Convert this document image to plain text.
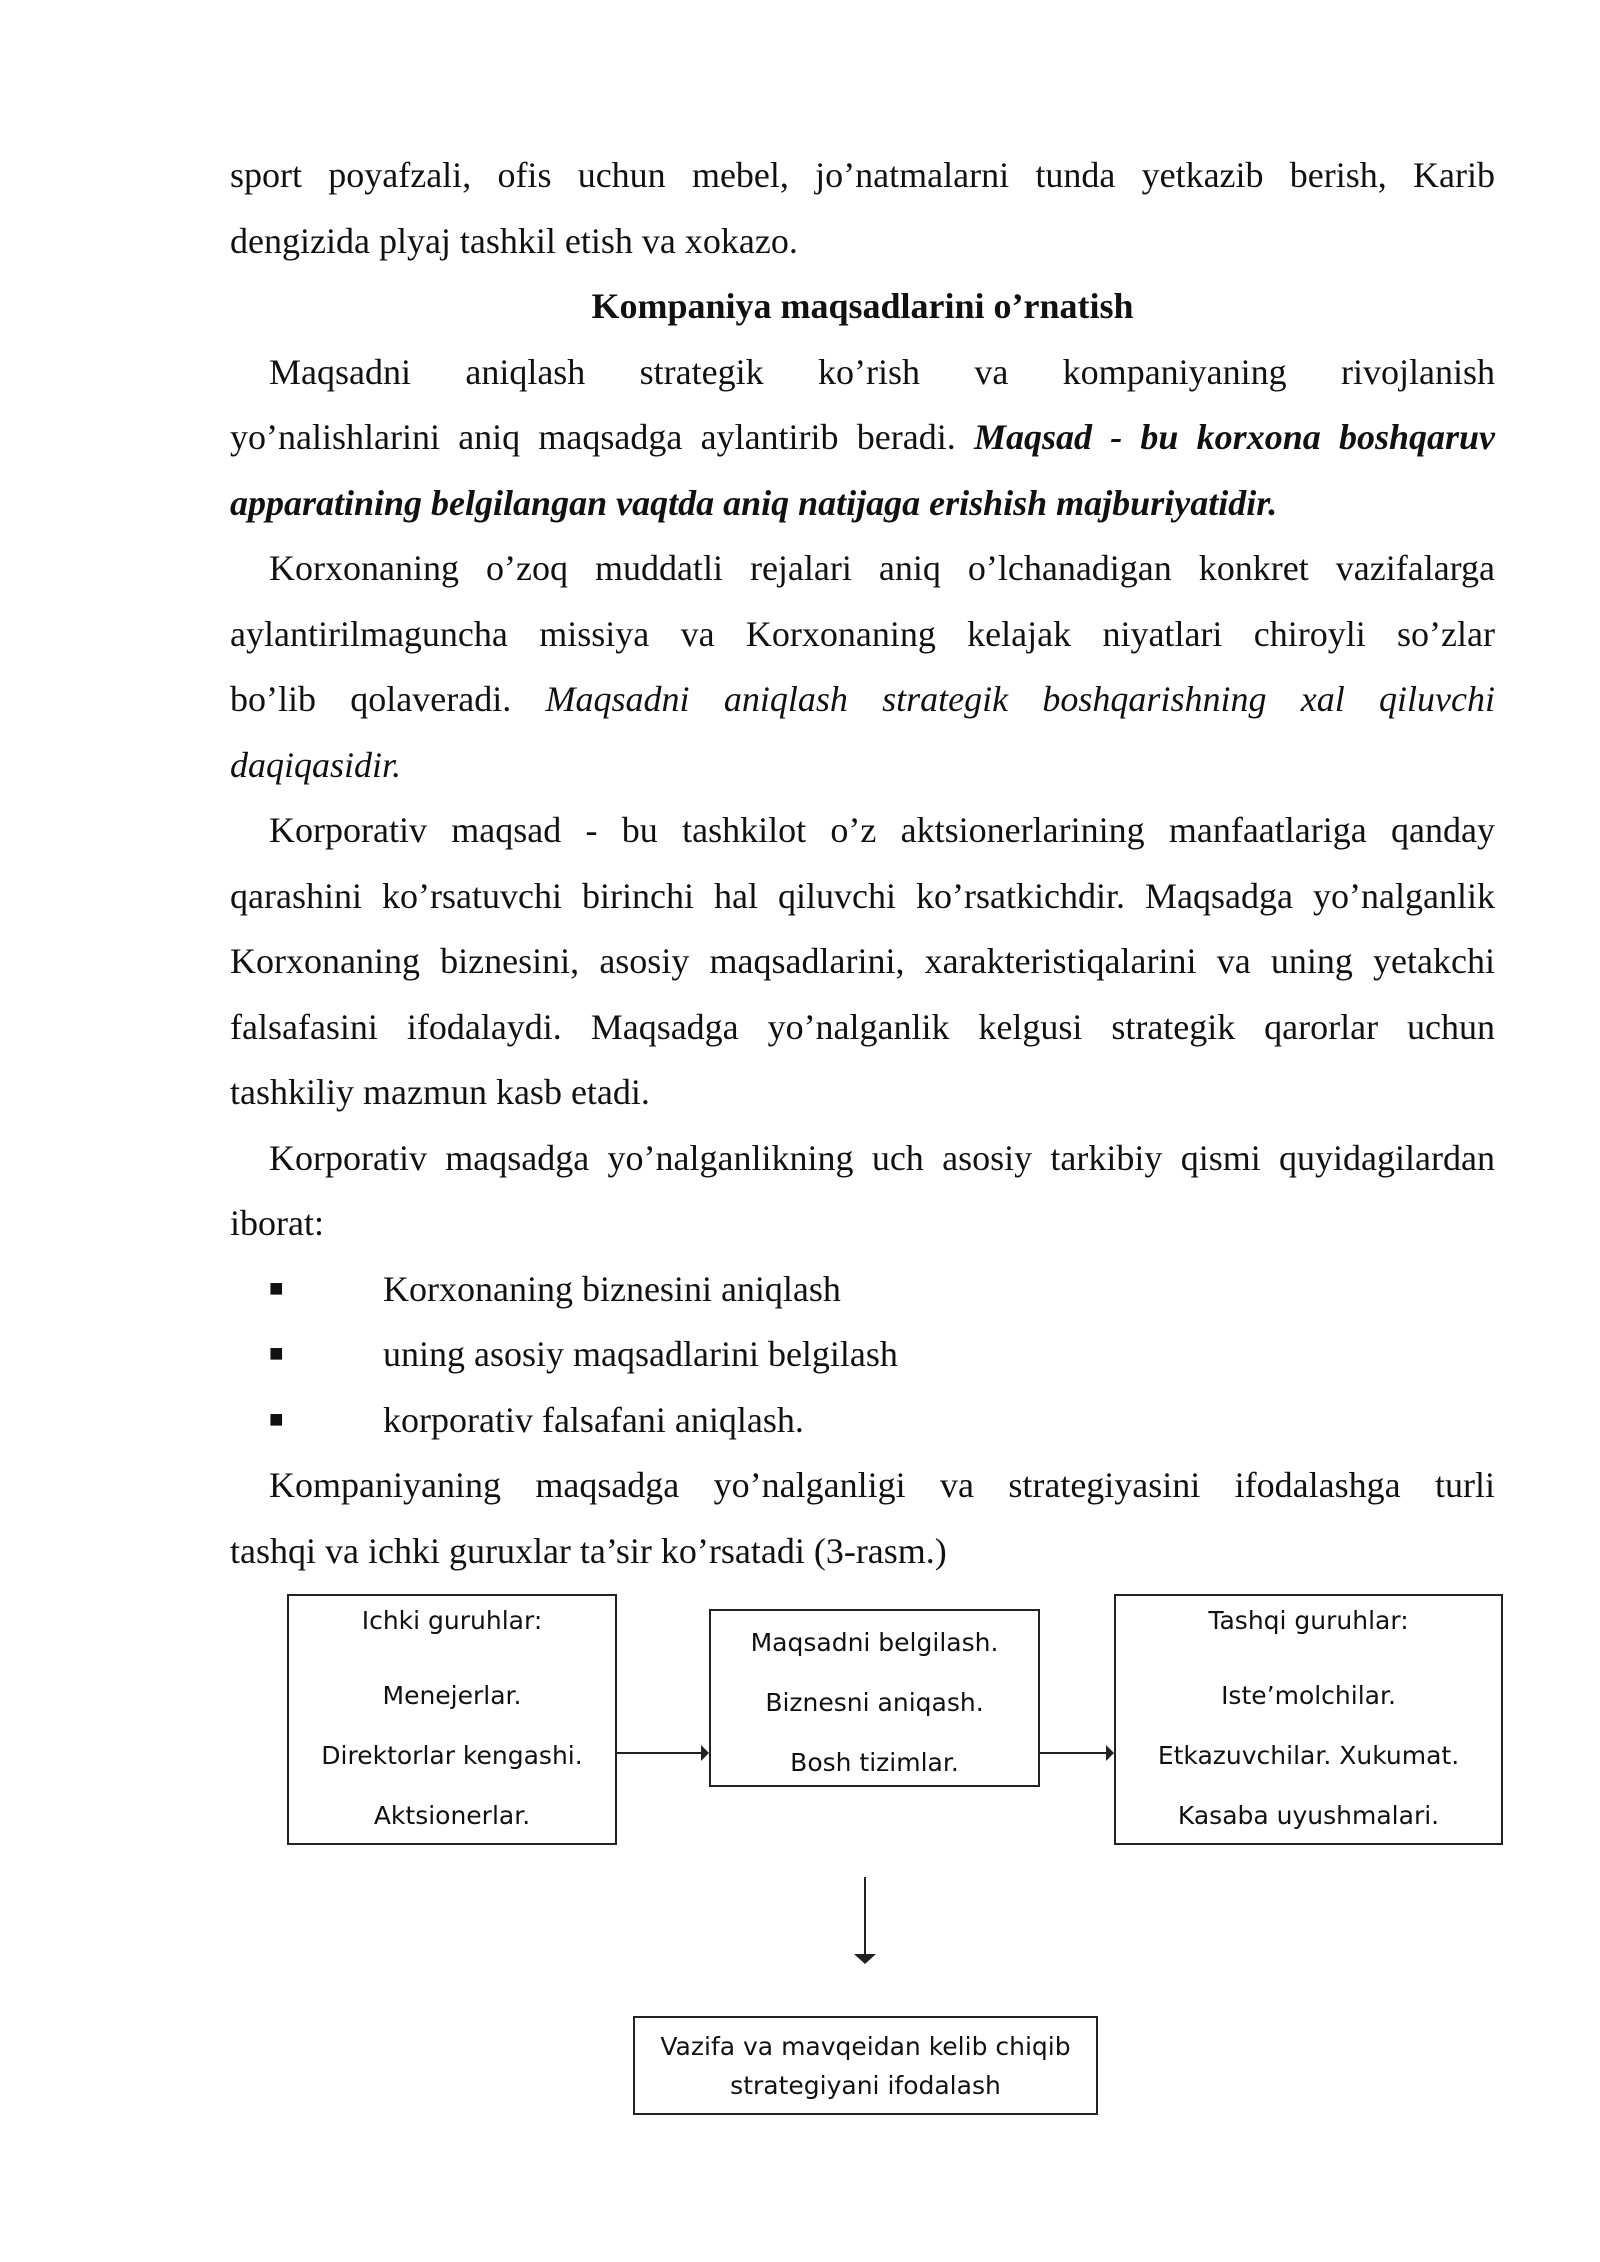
sport poyafzali, ofis uchun mebel, jo’natmalarni tunda yetkazib berish, Karib
dengizida plyaj tashkil etish va xokazo.
Kompaniya maqsadlarini o’rnatish
Maqsadni aniqlash strategik ko’rish va kompaniyaning rivojlanish
yo’nalishlarini aniq maqsadga aylantirib beradi. Maqsad - bu korxona boshqaruv
apparatining belgilangan vaqtda aniq natijaga erishish majburiyatidir.
Korxonaning o’zoq muddatli rejalari aniq o’lchanadigan konkret vazifalarga
aylantirilmaguncha missiya va Korxonaning kelajak niyatlari chiroyli so’zlar
bo’lib qolaveradi. Maqsadni aniqlash strategik boshqarishning xal qiluvchi
daqiqasidir.
Korporativ maqsad - bu tashkilot o’z aktsionerlarining manfaatlariga qanday
qarashini ko’rsatuvchi birinchi hal qiluvchi ko’rsatkichdir. Maqsadga yo’nalganlik
Korxonaning biznesini, asosiy maqsadlarini, xarakteristiqalarini va uning yetakchi
falsafasini ifodalaydi. Maqsadga yo’nalganlik kelgusi strategik qarorlar uchun
tashkiliy mazmun kasb etadi.
Korporativ maqsadga yo’nalganlikning uch asosiy tarkibiy qismi quyidagilardan
iborat:
■	Korxonaning biznesini aniqlash
■	uning asosiy maqsadlarini belgilash
■	korporativ falsafani aniqlash.
Kompaniyaning maqsadga yo’nalganligi va strategiyasini ifodalashga turli
tashqi va ichki guruxlar ta’sir ko’rsatadi (3-rasm.)
Ichki guruhlar:
Menejerlar.
Direktorlar kengashi.
Aktsionerlar.
Maqsadni belgilash.
Biznesni aniqash.
Bosh tizimlar.
Tashqi guruhlar:
Iste’molchilar.
Etkazuvchilar. Xukumat.
Kasaba uyushmalari.
Vazifa va mavqeidan kelib chiqib
strategiyani ifodalash
